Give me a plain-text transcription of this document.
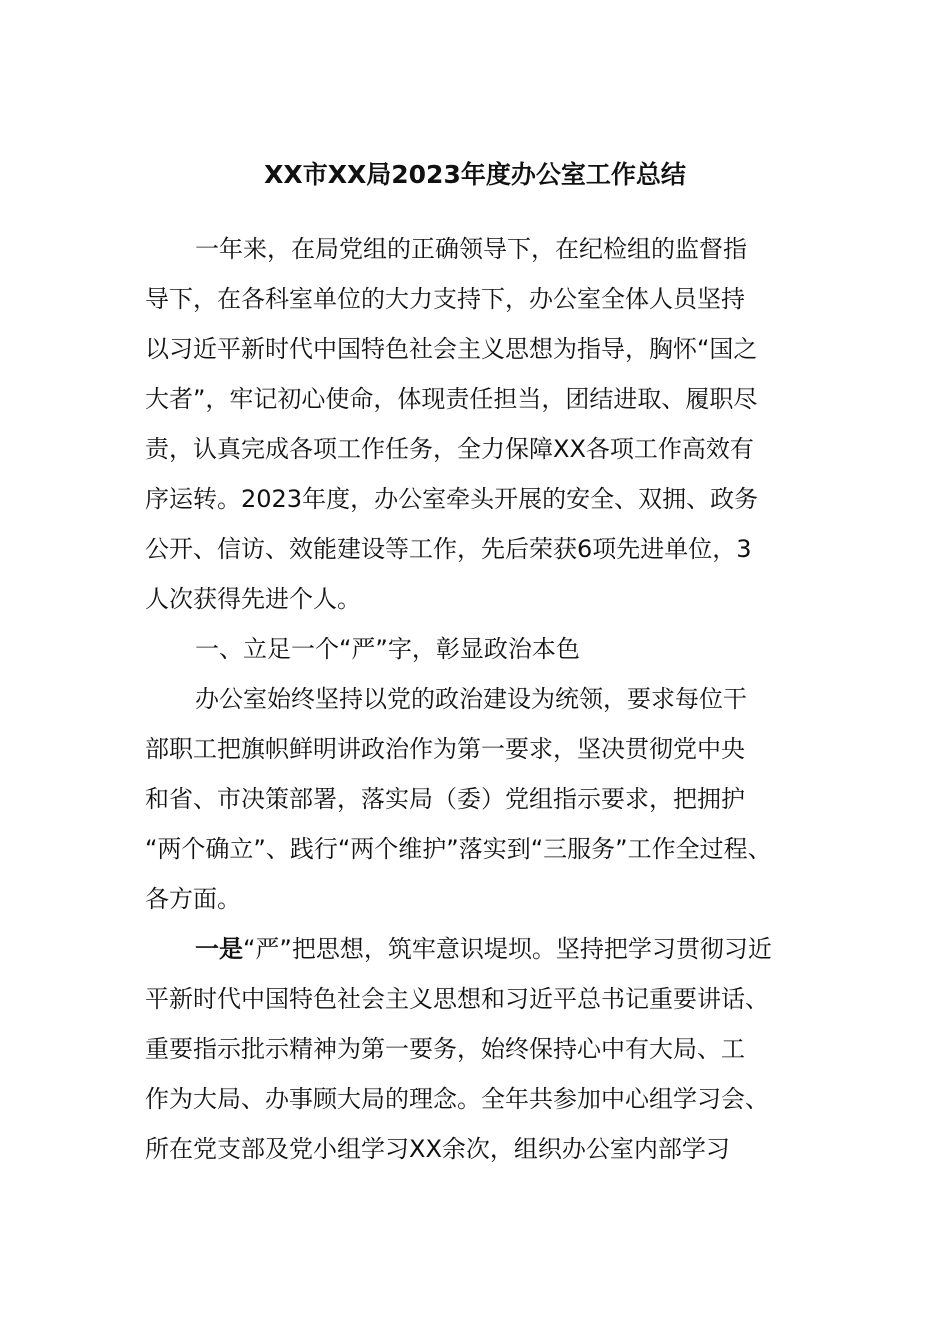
XX市XX局2023年度办公室工作总结
一年来，在局党组的正确领导下，在纪检组的监督指
导下，在各科室单位的大力支持下，办公室全体人员坚持
以习近平新时代中国特色社会主义思想为指导，胸怀“国之
大者”，牢记初心使命，体现责任担当，团结进取、履职尽
责，认真完成各项工作任务，全力保障XX各项工作高效有
序运转。2023年度，办公室牵头开展的安全、双拥、政务
公开、信访、效能建设等工作，先后荣获6项先进单位，3
人次获得先进个人。
一、立足一个“严”字，彰显政治本色
办公室始终坚持以党的政治建设为统领，要求每位干
部职工把旗帜鲜明讲政治作为第一要求，坚决贯彻党中央
和省、市决策部署，落实局（委）党组指示要求，把拥护
“两个确立”、践行“两个维护”落实到“三服务”工作全过程、
各方面。
一是“严”把思想，筑牢意识堤坝。坚持把学习贯彻习近
平新时代中国特色社会主义思想和习近平总书记重要讲话、
重要指示批示精神为第一要务，始终保持心中有大局、工
作为大局、办事顾大局的理念。全年共参加中心组学习会、
所在党支部及党小组学习XX余次，组织办公室内部学习
